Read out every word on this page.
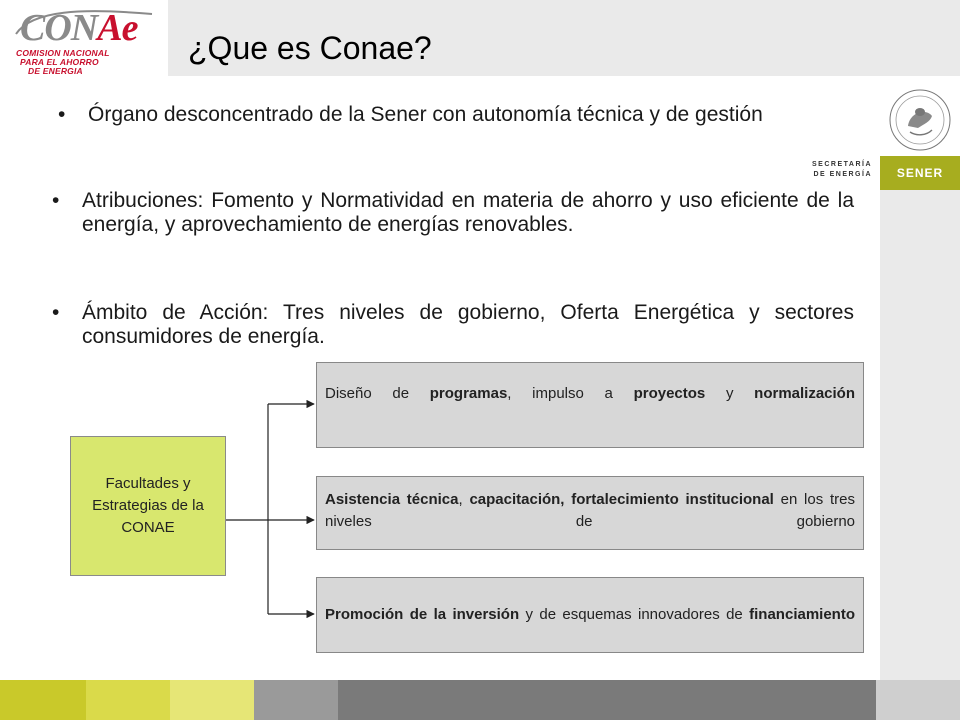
¿Que es Conae?
CONAe
COMISION NACIONAL
PARA EL AHORRO
DE ENERGIA
SECRETARÍA
DE ENERGÍA	SENER
• Órgano desconcentrado de la Sener con autonomía técnica y de gestión
• Atribuciones: Fomento y Normatividad en materia de ahorro y uso eficiente de la energía, y aprovechamiento de energías renovables.
• Ámbito de Acción: Tres niveles de gobierno, Oferta Energética y sectores consumidores de energía.
Facultades y Estrategias de la CONAE
Diseño de programas, impulso a proyectos y normalización
Asistencia técnica, capacitación, fortalecimiento institucional en los tres niveles de gobierno
Promoción de la inversión y de esquemas innovadores de financiamiento
